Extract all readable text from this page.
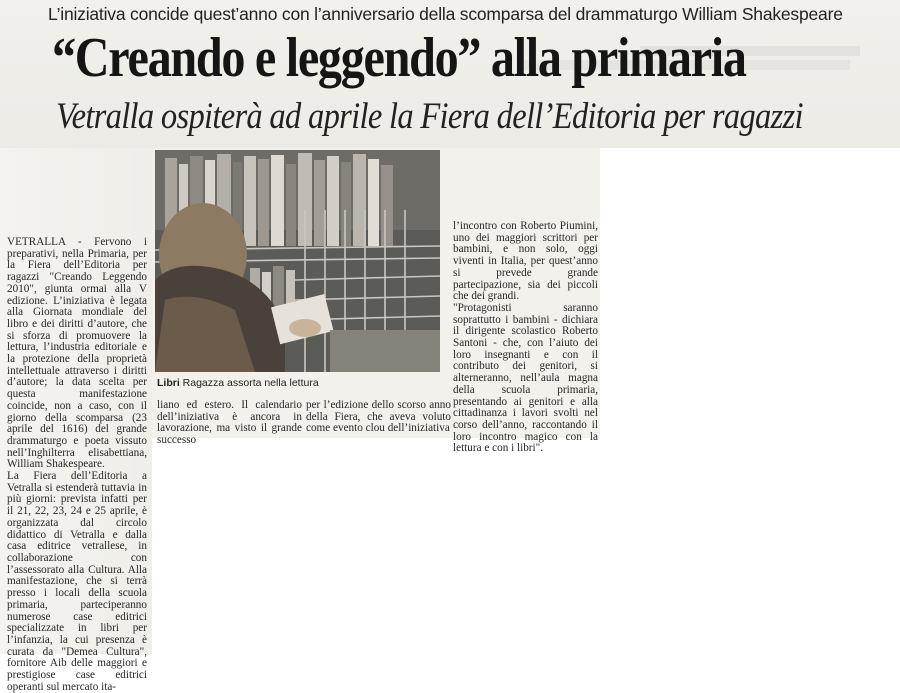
L’iniziativa concide quest’anno con l’anniversario della scomparsa del drammaturgo William Shakespeare
“Creando e leggendo” alla primaria
Vetralla ospiterà ad aprile la Fiera dell’Editoria per ragazzi
Libri Ragazza assorta nella lettura
VETRALLA - Fervono i preparativi, nella Primaria, per la Fiera dell’Editoria per ragazzi "Creando Leggendo 2010", giunta ormai alla V edizione. L’iniziativa è legata alla Giornata mondiale del libro e dei diritti d’autore, che si sforza di promuovere la lettura, l’industria editoriale e la protezione della proprietà intellettuale attraverso i diritti d’autore; la data scelta per questa manifestazione coincide, non a caso, con il giorno della scomparsa (23 aprile del 1616) del grande drammaturgo e poeta vissuto nell’Inghilterra elisabettiana, William Shakespeare.
La Fiera dell’Editoria a Vetralla si estenderà tuttavia in più giorni: prevista infatti per il 21, 22, 23, 24 e 25 aprile, è organizzata dal circolo didattico di Vetralla e dalla casa editrice vetrallese, in collaborazione con l’assessorato alla Cultura. Alla manifestazione, che si terrà presso i locali della scuola primaria, parteciperanno numerose case editrici specializzate in libri per l’infanzia, la cui presenza è curata da "Demea Cultura", fornitore Aib delle maggiori e prestigiose case editrici operanti sul mercato ita-
liano ed estero. Il calendario dell’iniziativa è ancora in lavorazione, ma visto il grande successo
per l’edizione dello scorso anno della Fiera, che aveva voluto come evento clou dell’iniziativa
l’incontro con Roberto Piumini, uno dei maggiori scrittori per bambini, e non solo, oggi viventi in Italia, per quest’anno si prevede grande partecipazione, sia dei piccoli che dei grandi.
"Protagonisti saranno soprattutto i bambini - dichiara il dirigente scolastico Roberto Santoni - che, con l’aiuto dei loro insegnanti e con il contributo dei genitori, si alterneranno, nell’aula magna della scuola primaria, presentando ai genitori e alla cittadinanza i lavori svolti nel corso dell’anno, raccontando il loro incontro magico con la lettura e con i libri".
